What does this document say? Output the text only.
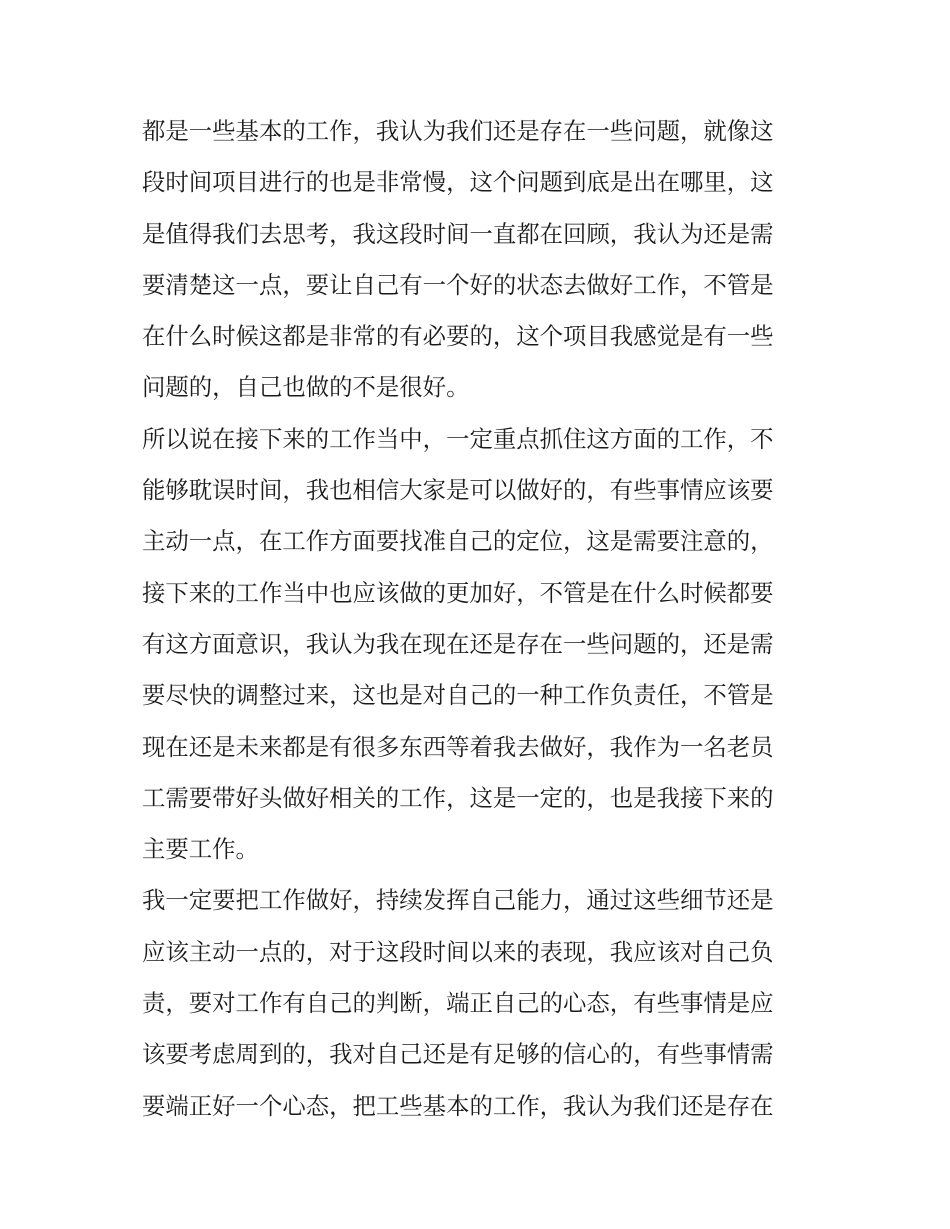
都是一些基本的工作，我认为我们还是存在一些问题，就像这
段时间项目进行的也是非常慢，这个问题到底是出在哪里，这
是值得我们去思考，我这段时间一直都在回顾，我认为还是需
要清楚这一点，要让自己有一个好的状态去做好工作，不管是
在什么时候这都是非常的有必要的，这个项目我感觉是有一些
问题的，自己也做的不是很好。
所以说在接下来的工作当中，一定重点抓住这方面的工作，不
能够耽误时间，我也相信大家是可以做好的，有些事情应该要
主动一点，在工作方面要找准自己的定位，这是需要注意的，
接下来的工作当中也应该做的更加好，不管是在什么时候都要
有这方面意识，我认为我在现在还是存在一些问题的，还是需
要尽快的调整过来，这也是对自己的一种工作负责任，不管是
现在还是未来都是有很多东西等着我去做好，我作为一名老员
工需要带好头做好相关的工作，这是一定的，也是我接下来的
主要工作。
我一定要把工作做好，持续发挥自己能力，通过这些细节还是
应该主动一点的，对于这段时间以来的表现，我应该对自己负
责，要对工作有自己的判断，端正自己的心态，有些事情是应
该要考虑周到的，我对自己还是有足够的信心的，有些事情需
要端正好一个心态，把工些基本的工作，我认为我们还是存在
